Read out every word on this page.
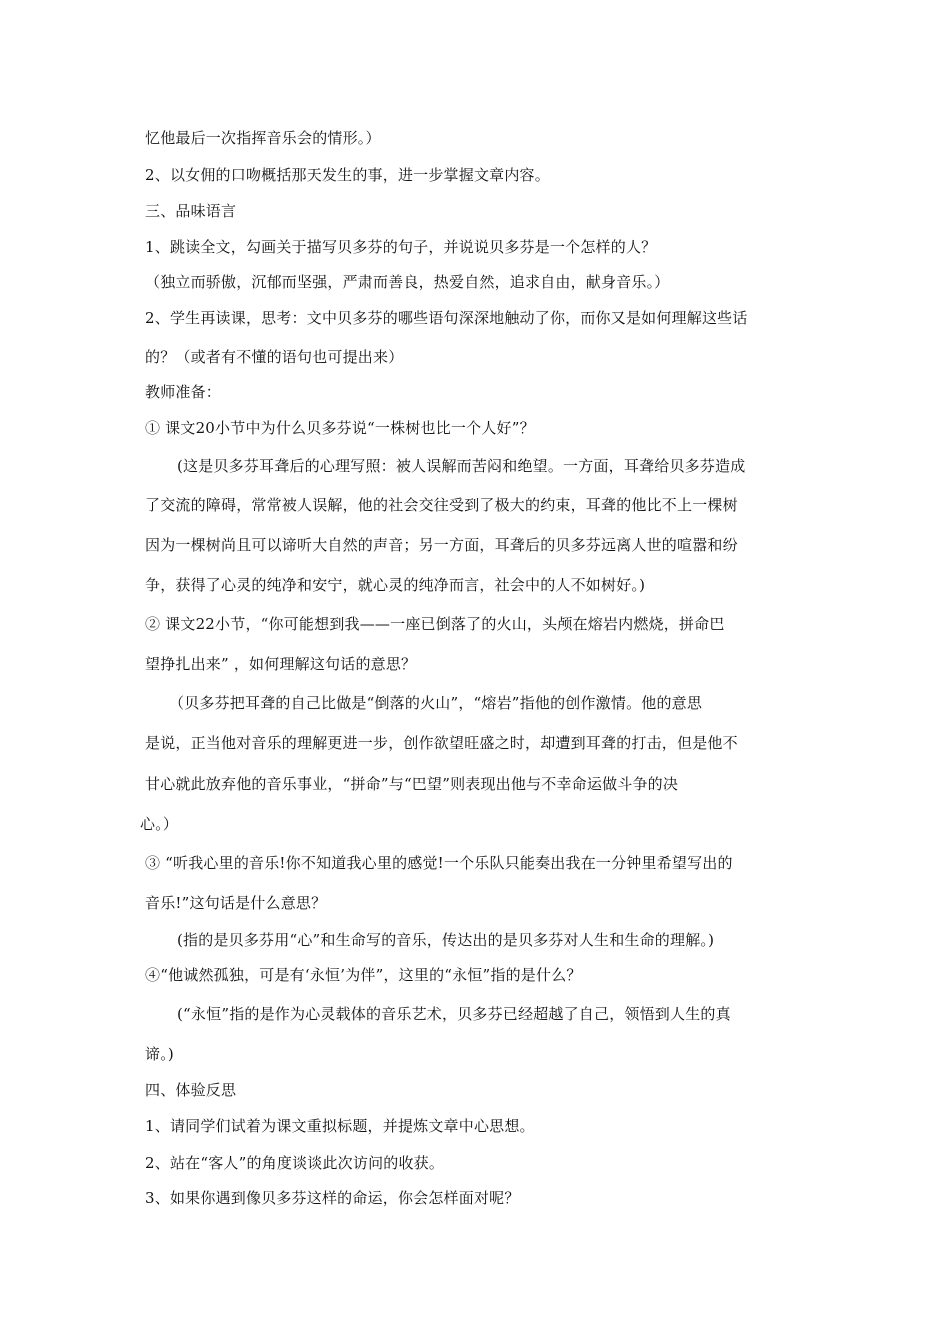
忆他最后一次指挥音乐会的情形。）
2、以女佣的口吻概括那天发生的事，进一步掌握文章内容。
三、品味语言
1、跳读全文，勾画关于描写贝多芬的句子，并说说贝多芬是一个怎样的人？
（独立而骄傲，沉郁而坚强，严肃而善良，热爱自然，追求自由，献身音乐。）
2、学生再读课，思考：文中贝多芬的哪些语句深深地触动了你，而你又是如何理解这些话
的？（或者有不懂的语句也可提出来）
教师准备：
① 课文20小节中为什么贝多芬说“一株树也比一个人好”？
(这是贝多芬耳聋后的心理写照：被人误解而苦闷和绝望。一方面，耳聋给贝多芬造成
了交流的障碍，常常被人误解，他的社会交往受到了极大的约束，耳聋的他比不上一棵树
因为一棵树尚且可以谛听大自然的声音；另一方面，耳聋后的贝多芬远离人世的喧嚣和纷
争，获得了心灵的纯净和安宁，就心灵的纯净而言，社会中的人不如树好。)
② 课文22小节，“你可能想到我——一座已倒落了的火山，头颅在熔岩内燃烧，拼命巴
望挣扎出来” ，如何理解这句话的意思？
（贝多芬把耳聋的自己比做是“倒落的火山”，“熔岩”指他的创作激情。他的意思
是说，正当他对音乐的理解更进一步，创作欲望旺盛之时，却遭到耳聋的打击，但是他不
甘心就此放弃他的音乐事业，“拼命”与“巴望”则表现出他与不幸命运做斗争的决
心。）
③ “听我心里的音乐!你不知道我心里的感觉!一个乐队只能奏出我在一分钟里希望写出的
音乐!”这句话是什么意思？
(指的是贝多芬用“心”和生命写的音乐，传达出的是贝多芬对人生和生命的理解。)
④“他诚然孤独，可是有‘永恒’为伴”，这里的“永恒”指的是什么？
(“永恒”指的是作为心灵载体的音乐艺术，贝多芬已经超越了自己，领悟到人生的真
谛。)
四、体验反思
1、请同学们试着为课文重拟标题，并提炼文章中心思想。
2、站在“客人”的角度谈谈此次访问的收获。
3、如果你遇到像贝多芬这样的命运，你会怎样面对呢？
